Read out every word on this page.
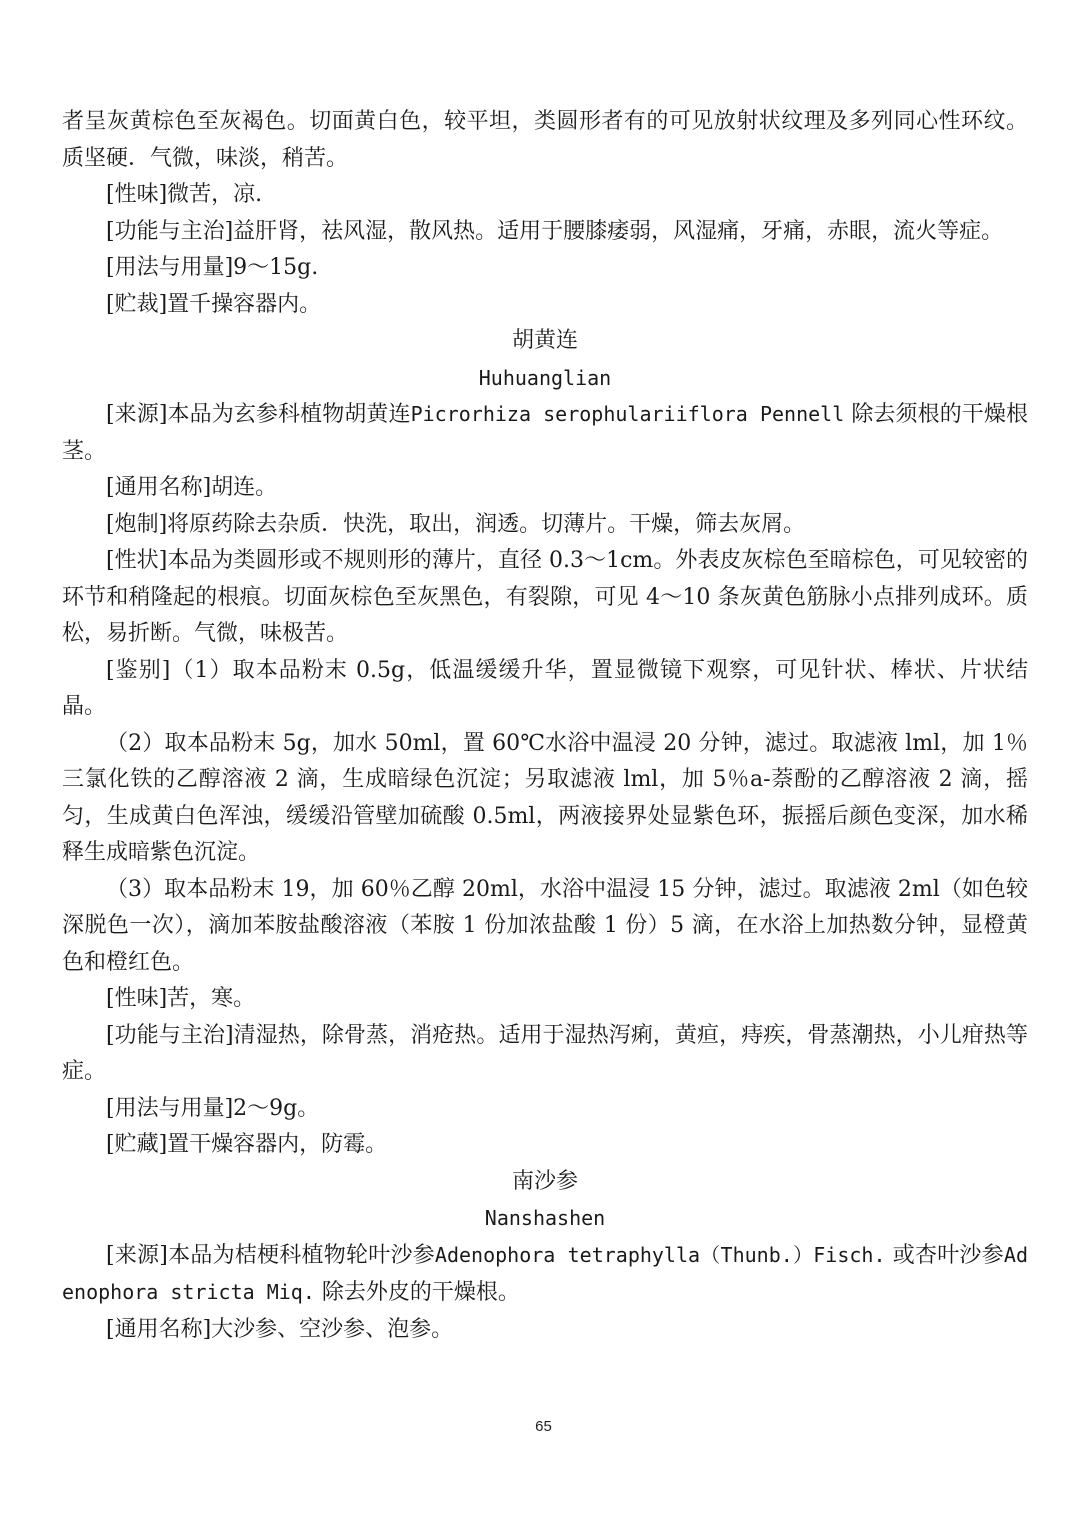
者呈灰黄棕色至灰褐色。切面黄白色，较平坦，类圆形者有的可见放射状纹理及多列同心性环纹。质坚硬．气微，味淡，稍苦。

[性味]微苦，凉.

[功能与主治]益肝肾，祛风湿，散风热。适用于腰膝痿弱，风湿痛，牙痛，赤眼，流火等症。

[用法与用量]9～15g.

[贮裁]置千操容器内。

胡黄连

Huhuanglian

[来源]本品为玄参科植物胡黄连Picrorhiza serophulariiflora Pennell 除去须根的干燥根茎。

[通用名称]胡连。

[炮制]将原药除去杂质．快洗，取出，润透。切薄片。干燥，筛去灰屑。

[性状]本品为类圆形或不规则形的薄片，直径 0.3～1cm。外表皮灰棕色至暗棕色，可见较密的环节和稍隆起的根痕。切面灰棕色至灰黑色，有裂隙，可见 4～10 条灰黄色筋脉小点排列成环。质松，易折断。气微，味极苦。

[鉴别]（1）取本品粉末 0.5g，低温缓缓升华，置显微镜下观察，可见针状、棒状、片状结晶。

（2）取本品粉末 5g，加水 50ml，置 60℃水浴中温浸 20 分钟，滤过。取滤液 lml，加 1％三氯化铁的乙醇溶液 2 滴，生成暗绿色沉淀；另取滤液 lml，加 5％a-萘酚的乙醇溶液 2 滴，摇匀，生成黄白色浑浊，缓缓沿管壁加硫酸 0.5ml，两液接界处显紫色环，振摇后颜色变深，加水稀释生成暗紫色沉淀。

（3）取本品粉末 19，加 60％乙醇 20ml，水浴中温浸 15 分钟，滤过。取滤液 2ml（如色较深脱色一次），滴加苯胺盐酸溶液（苯胺 1 份加浓盐酸 1 份）5 滴，在水浴上加热数分钟，显橙黄色和橙红色。

[性味]苦，寒。

[功能与主治]清湿热，除骨蒸，消疮热。适用于湿热泻痢，黄疸，痔疾，骨蒸潮热，小儿疳热等症。

[用法与用量]2～9g。

[贮藏]置干燥容器内，防霉。

南沙参

Nanshashen

[来源]本品为桔梗科植物轮叶沙参Adenophora tetraphylla（Thunb.）Fisch. 或杏叶沙参Adenophora stricta Miq. 除去外皮的干燥根。

[通用名称]大沙参、空沙参、泡参。

65
